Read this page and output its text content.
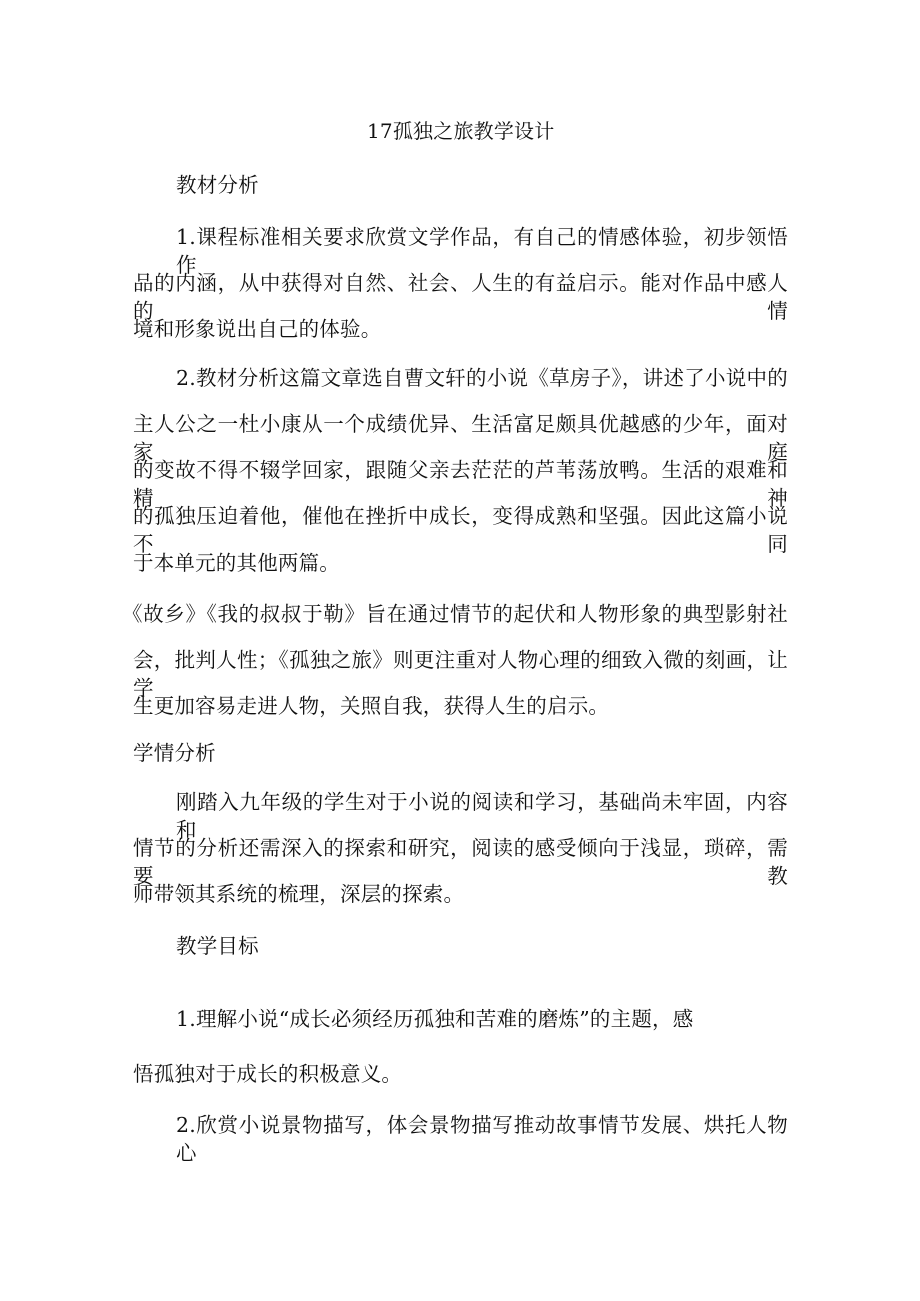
17孤独之旅教学设计
教材分析
1.课程标准相关要求欣赏文学作品，有自己的情感体验，初步领悟作
品的内涵，从中获得对自然、社会、人生的有益启示。能对作品中感人的情
境和形象说出自己的体验。
2.教材分析这篇文章选自曹文轩的小说《草房子》，讲述了小说中的
主人公之一杜小康从一个成绩优异、生活富足颇具优越感的少年，面对家庭
的变故不得不辍学回家，跟随父亲去茫茫的芦苇荡放鸭。生活的艰难和精神
的孤独压迫着他，催他在挫折中成长，变得成熟和坚强。因此这篇小说不同
于本单元的其他两篇。
《故乡》《我的叔叔于勒》旨在通过情节的起伏和人物形象的典型影射社
会，批判人性；《孤独之旅》则更注重对人物心理的细致入微的刻画，让学
生更加容易走进人物，关照自我，获得人生的启示。
学情分析
刚踏入九年级的学生对于小说的阅读和学习，基础尚未牢固，内容和
情节的分析还需深入的探索和研究，阅读的感受倾向于浅显，琐碎，需要教
师带领其系统的梳理，深层的探索。
教学目标
1.理解小说“成长必须经历孤独和苦难的磨炼”的主题，感
悟孤独对于成长的积极意义。
2.欣赏小说景物描写，体会景物描写推动故事情节发展、烘托人物心
